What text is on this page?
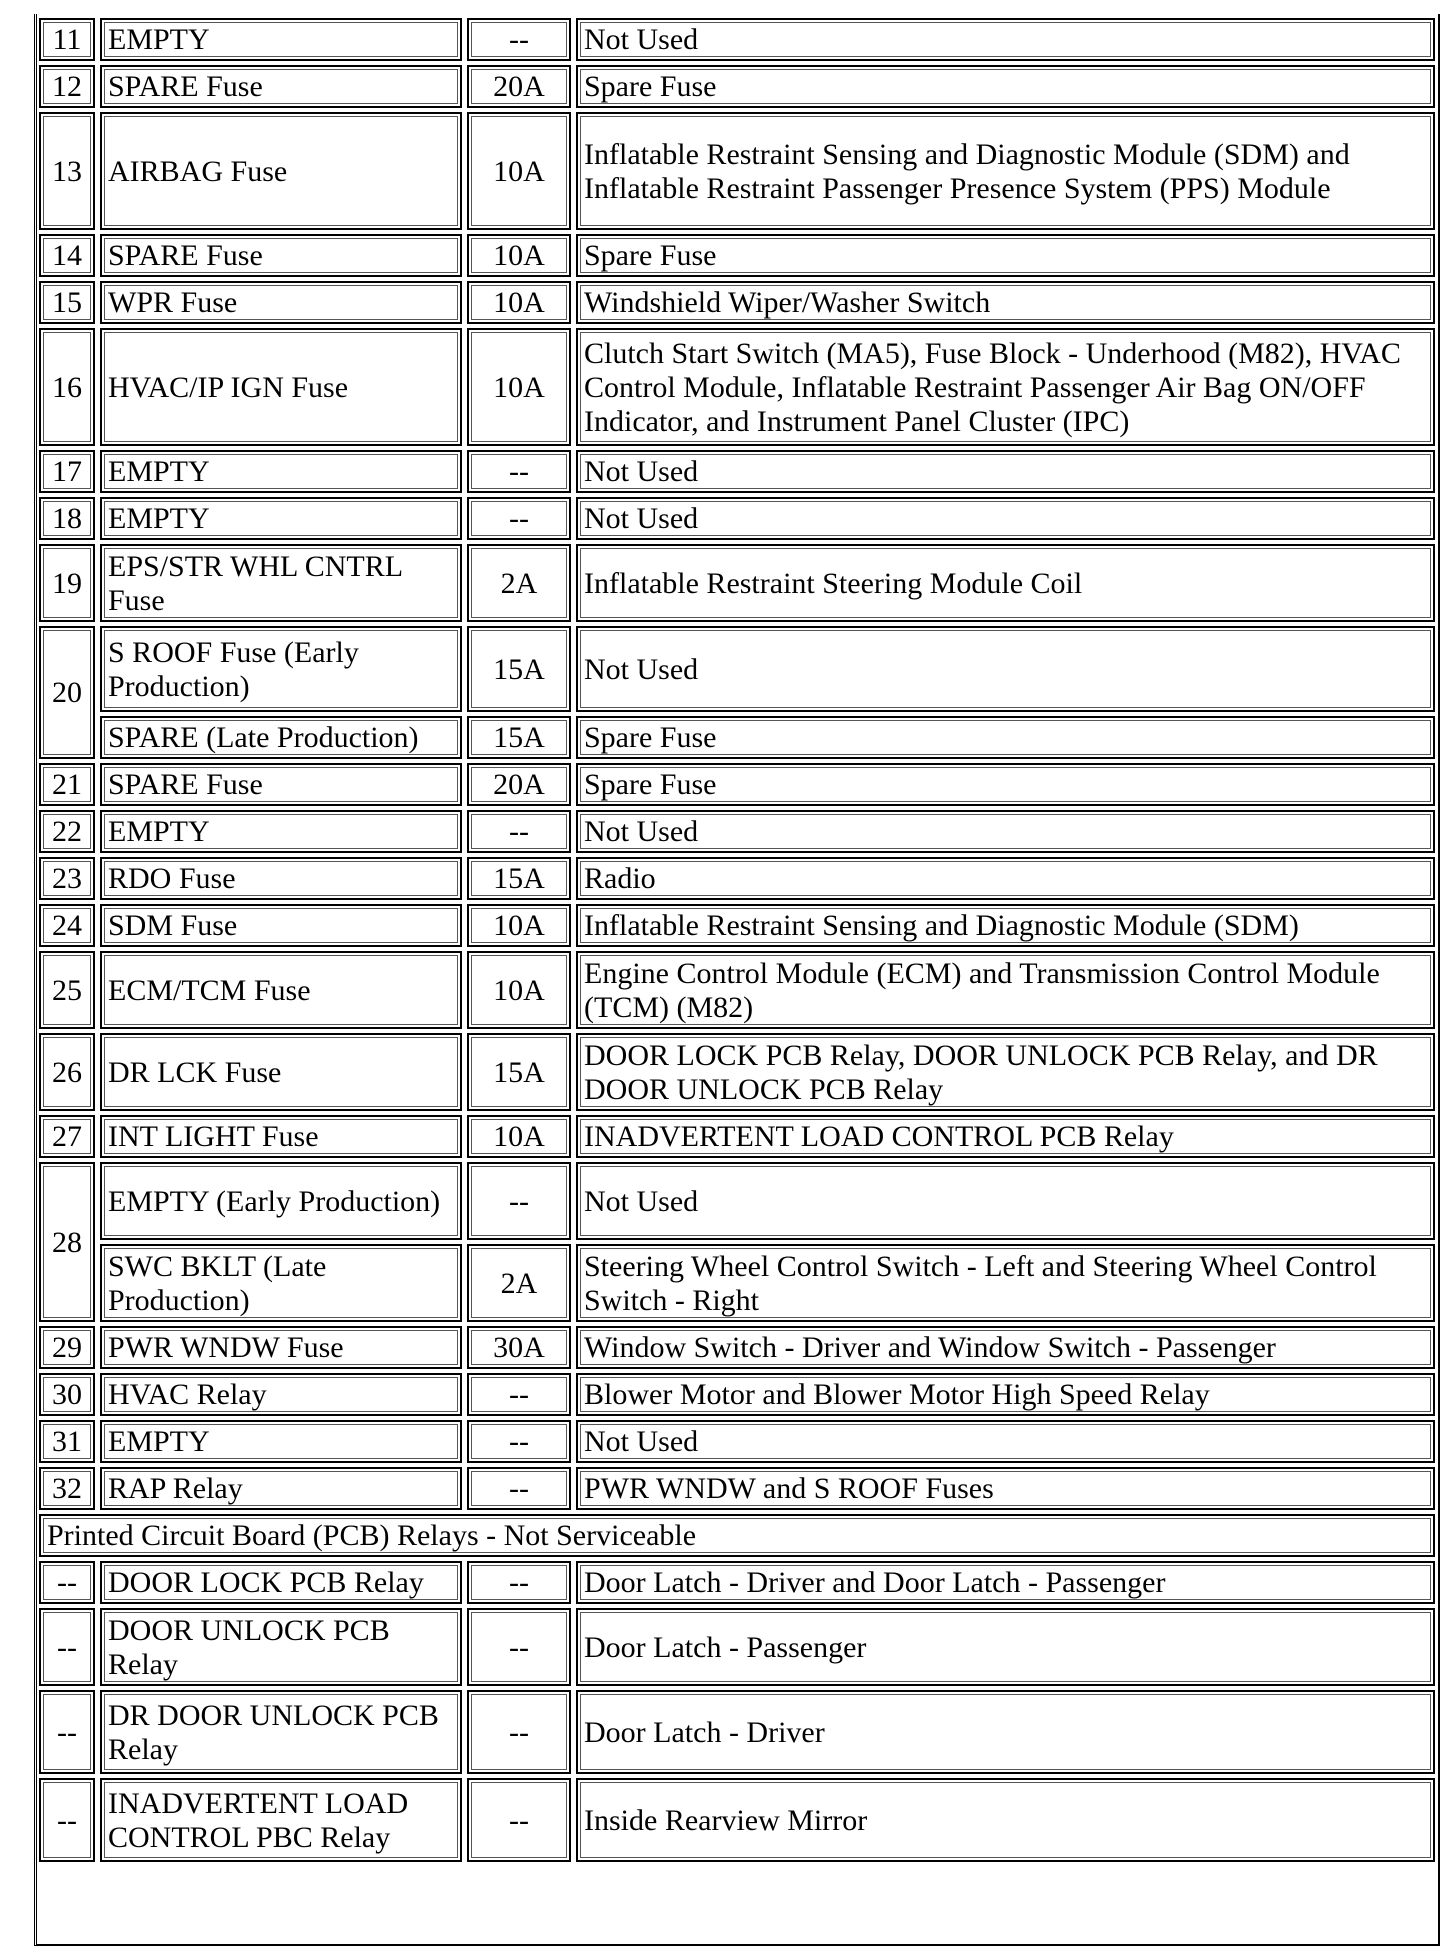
11	EMPTY	--	Not Used
12	SPARE Fuse	20A	Spare Fuse
13	AIRBAG Fuse	10A	Inflatable Restraint Sensing and Diagnostic Module (SDM) and Inflatable Restraint Passenger Presence System (PPS) Module
14	SPARE Fuse	10A	Spare Fuse
15	WPR Fuse	10A	Windshield Wiper/Washer Switch
16	HVAC/IP IGN Fuse	10A	Clutch Start Switch (MA5), Fuse Block - Underhood (M82), HVAC Control Module, Inflatable Restraint Passenger Air Bag ON/OFF Indicator, and Instrument Panel Cluster (IPC)
17	EMPTY	--	Not Used
18	EMPTY	--	Not Used
19	EPS/STR WHL CNTRL Fuse	2A	Inflatable Restraint Steering Module Coil
20	S ROOF Fuse (Early Production)	15A	Not Used
	SPARE (Late Production)	15A	Spare Fuse
21	SPARE Fuse	20A	Spare Fuse
22	EMPTY	--	Not Used
23	RDO Fuse	15A	Radio
24	SDM Fuse	10A	Inflatable Restraint Sensing and Diagnostic Module (SDM)
25	ECM/TCM Fuse	10A	Engine Control Module (ECM) and Transmission Control Module (TCM) (M82)
26	DR LCK Fuse	15A	DOOR LOCK PCB Relay, DOOR UNLOCK PCB Relay, and DR DOOR UNLOCK PCB Relay
27	INT LIGHT Fuse	10A	INADVERTENT LOAD CONTROL PCB Relay
28	EMPTY (Early Production)	--	Not Used
	SWC BKLT (Late Production)	2A	Steering Wheel Control Switch - Left and Steering Wheel Control Switch - Right
29	PWR WNDW Fuse	30A	Window Switch - Driver and Window Switch - Passenger
30	HVAC Relay	--	Blower Motor and Blower Motor High Speed Relay
31	EMPTY	--	Not Used
32	RAP Relay	--	PWR WNDW and S ROOF Fuses
Printed Circuit Board (PCB) Relays - Not Serviceable			
--	DOOR LOCK PCB Relay	--	Door Latch - Driver and Door Latch - Passenger
--	DOOR UNLOCK PCB Relay	--	Door Latch - Passenger
--	DR DOOR UNLOCK PCB Relay	--	Door Latch - Driver
--	INADVERTENT LOAD CONTROL PBC Relay	--	Inside Rearview Mirror
